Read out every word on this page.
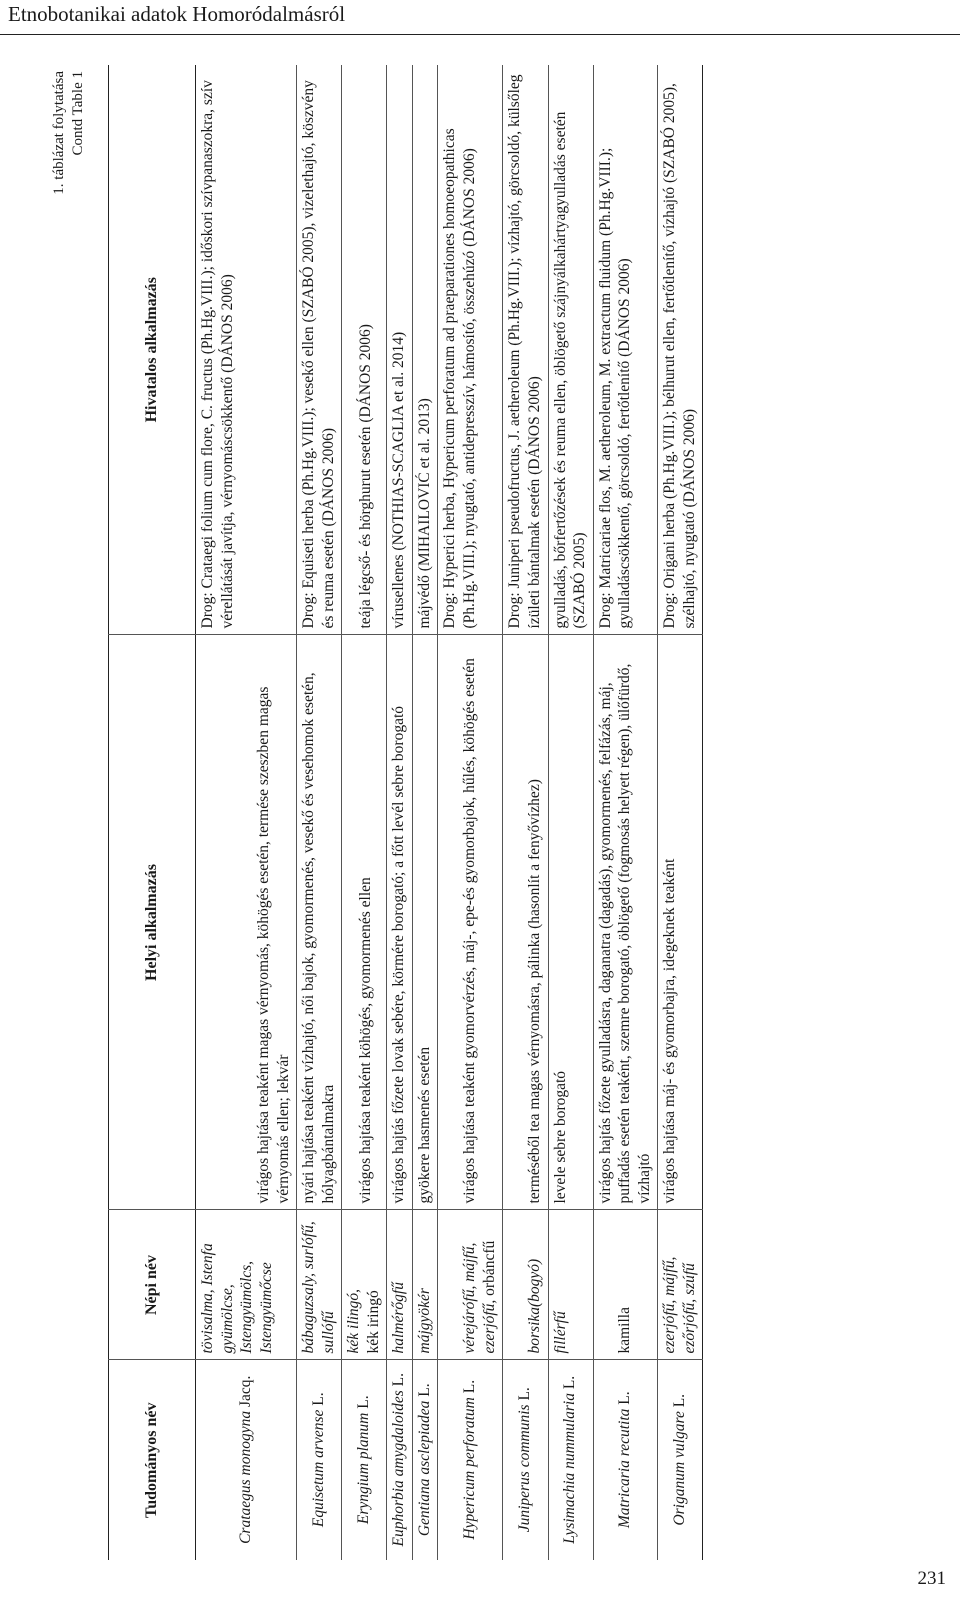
Etnobotanikai adatok Homoródalmásról
231
1. táblázat folytatása Contd Table 1
Tudományos név	Népi név	Helyi alkalmazás	Hivatalos alkalmazás
Crataegus monogyna Jacq.	tövisalma, Istenfa gyümölcse, Istengyümölcs, Istengyümőcse	virágos hajtása teaként magas vérnyomás, köhögés esetén, termése szeszben magas vérnyomás ellen; lekvár	Drog: Crataegi folium cum flore, C. fructus (Ph.Hg.VIII.); időskori szívpanaszokra, szív vérellátását javítja, vérnyomáscsökkentő (DÁNOS 2006)
Equisetum arvense L.	bábaguzsaly, surlófű, sullófű	nyári hajtása teaként vízhajtó, női bajok, gyomormenés, vesekő és vesehomok esetén, hólyagbántalmakra	Drog: Equiseti herba (Ph.Hg.VIII.); vesekő ellen (SZABÓ 2005), vizelethajtó, köszvény és reuma esetén (DÁNOS 2006)
Eryngium planum L.	kék ilingó, kék iringó	virágos hajtása teaként köhögés, gyomormenés ellen	teája légcső- és hörghurut esetén (DÁNOS 2006)
Euphorbia amygdaloides L.	halmérőgfű	virágos hajtás főzete lovak sebére, körmére borogató; a főtt levél sebre borogató	vírusellenes (NOTHIAS-SCAGLIA et al. 2014)
Gentiana asclepiadea L.	májgyökér	gyökere hasmenés esetén	májvédő (MIHAILOVIĆ et al. 2013)
Hypericum perforatum L.	vérejárófű, májfű, ezerjófű, orbáncfű	virágos hajtása teaként gyomorvérzés, máj-, epe-és gyomorbajok, hűlés, köhögés esetén	Drog: Hyperici herba, Hypericum perforatum ad praeparationes homoeopathicas (Ph.Hg.VIII.); nyugtató, antidepresszív, hámosító, összehúzó (DÁNOS 2006)
Juniperus communis L.	borsika(bogyó)	terméséből tea magas vérnyomásra, pálinka (hasonlít a fenyővízhez)	Drog: Juniperi pseudofructus, J. aetheroleum (Ph.Hg.VIII.); vízhajtó, görcsoldó, külsőleg ízületi bántalmak esetén (DÁNOS 2006)
Lysimachia nummularia L.	fillérfű	levele sebre borogató	gyulladás, bőrfertőzések és reuma ellen, öblögető szájnyálkahártyagyulladás esetén (SZABÓ 2005)
Matricaria recutita L.	kamilla	virágos hajtás főzete gyulladásra, daganatra (dagadás), gyomormenés, felfázás, máj, puffadás esetén teaként, szemre borogató, öblögető (fogmosás helyett régen), ülőfürdő, vízhajtó	Drog: Matricariae flos, M. aetheroleum, M. extractum fluidum (Ph.Hg.VIII.); gyulladáscsökkentő, görcsoldó, fertőtlenítő (DÁNOS 2006)
Origanum vulgare L.	ezerjófű, májfű, ezőrjófű, szúfű	virágos hajtása máj- és gyomorbajra, idegeknek teaként	Drog: Origani herba (Ph.Hg.VIII.); bélhurut ellen, fertőtlenítő, vízhajtó (SZABÓ 2005), szélhajtó, nyugtató (DÁNOS 2006)
